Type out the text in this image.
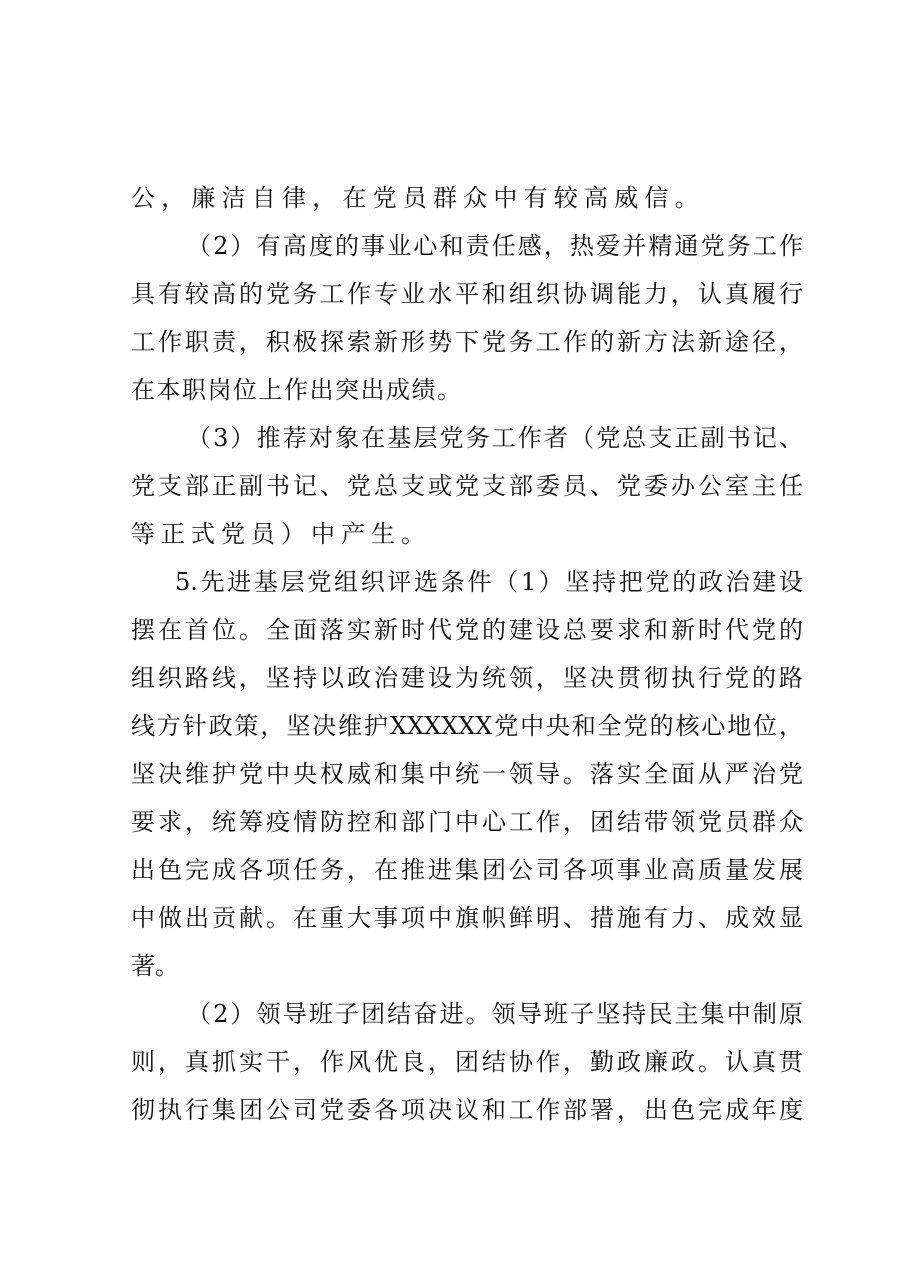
公，廉洁自律，在党员群众中有较高威信。
（2）有高度的事业心和责任感，热爱并精通党务工作
具有较高的党务工作专业水平和组织协调能力，认真履行
工作职责，积极探索新形势下党务工作的新方法新途径，
在本职岗位上作出突出成绩。
（3）推荐对象在基层党务工作者（党总支正副书记、
党支部正副书记、党总支或党支部委员、党委办公室主任
等正式党员）中产生。
5.先进基层党组织评选条件（1）坚持把党的政治建设
摆在首位。全面落实新时代党的建设总要求和新时代党的
组织路线，坚持以政治建设为统领，坚决贯彻执行党的路
线方针政策，坚决维护XXXXXX党中央和全党的核心地位，
坚决维护党中央权威和集中统一领导。落实全面从严治党
要求，统筹疫情防控和部门中心工作，团结带领党员群众
出色完成各项任务，在推进集团公司各项事业高质量发展
中做出贡献。在重大事项中旗帜鲜明、措施有力、成效显
著。
（2）领导班子团结奋进。领导班子坚持民主集中制原
则，真抓实干，作风优良，团结协作，勤政廉政。认真贯
彻执行集团公司党委各项决议和工作部署，出色完成年度
